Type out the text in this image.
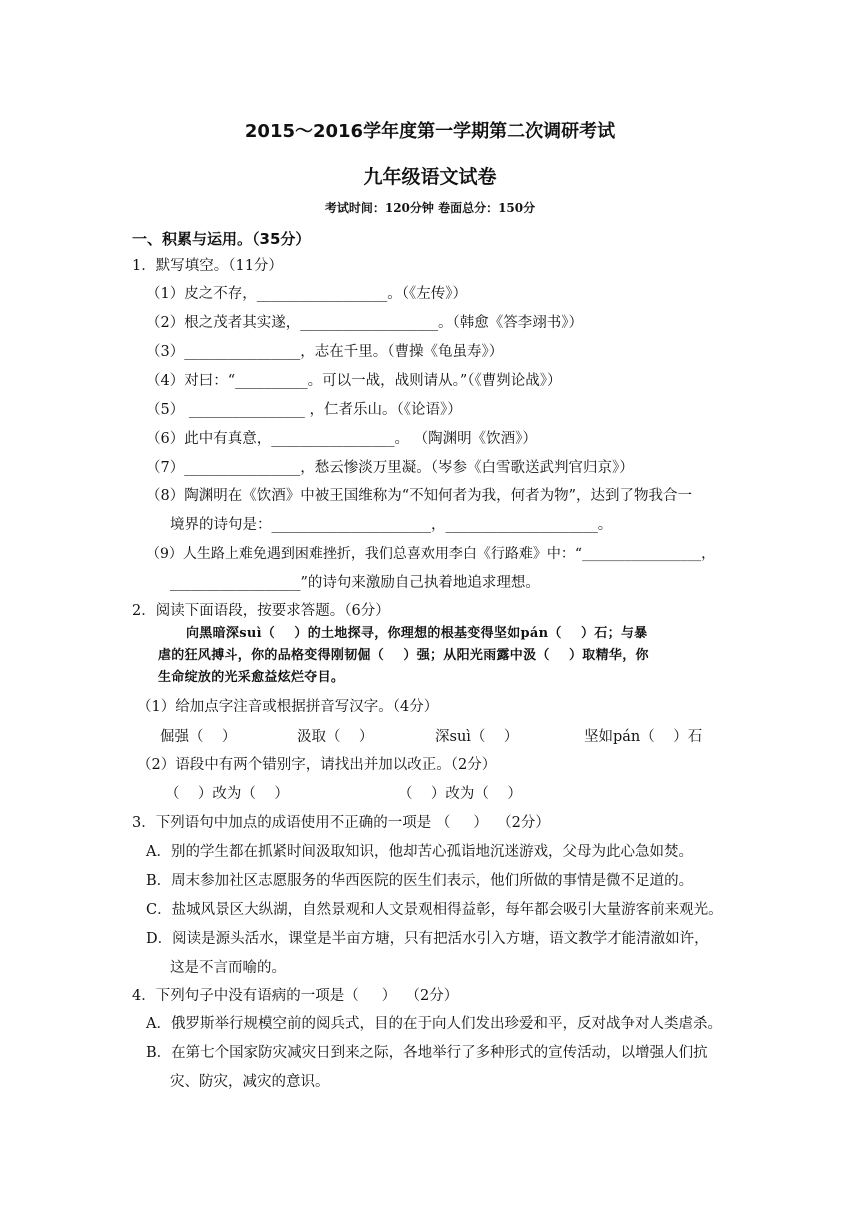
2015～2016学年度第一学期第二次调研考试
九年级语文试卷
考试时间：120分钟 卷面总分：150分
一、积累与运用。（35分）
1．默写填空。（11分）
（1）皮之不存，__________________。（《左传》）
（2）根之茂者其实遂，___________________。（韩愈《答李翊书》）
（3）________________，志在千里。（曹操《龟虽寿》）
（4）对曰：“__________。可以一战，战则请从。”（《曹刿论战》）
（5） ________________ ，仁者乐山。（《论语》）
（6）此中有真意，_________________。 （陶渊明《饮酒》）
（7）________________，愁云惨淡万里凝。（岑参《白雪歌送武判官归京》）
（8）陶渊明在《饮酒》中被王国维称为“不知何者为我，何者为物”，达到了物我合一
境界的诗句是：______________________，_____________________。
（9）人生路上难免遇到困难挫折，我们总喜欢用李白《行路难》中：“_________________，
__________________”的诗句来激励自己执着地追求理想。
2．阅读下面语段，按要求答题。（6分）
向黑暗深suì（    ）的土地探寻，你理想的根基变得坚如pán（    ）石；与暴
虐的狂风搏斗，你的品格变得刚韧倔（    ）强；从阳光雨露中汲（    ）取精华，你
生命绽放的光采愈益炫烂夺目。
（1）给加点字注音或根据拼音写汉字。（4分）
倔强（    ）	汲取（    ）	深suì（    ）	坚如pán（    ）石
（2）语段中有两个错别字，请找出并加以改正。（2分）
（    ）改为（    ）	（    ）改为（    ）
3．下列语句中加点的成语使用不正确的一项是 （     ）  （2分）
A．别的学生都在抓紧时间汲取知识，他却苦心孤诣地沉迷游戏，父母为此心急如焚。
B．周末参加社区志愿服务的华西医院的医生们表示，他们所做的事情是微不足道的。
C．盐城风景区大纵湖，自然景观和人文景观相得益彰，每年都会吸引大量游客前来观光。
D．阅读是源头活水，课堂是半亩方塘，只有把活水引入方塘，语文教学才能清澈如许，
这是不言而喻的。
4．下列句子中没有语病的一项是（     ）  （2分）
A．俄罗斯举行规模空前的阅兵式，目的在于向人们发出珍爱和平，反对战争对人类虐杀。
B．在第七个国家防灾减灾日到来之际，各地举行了多种形式的宣传活动，以增强人们抗
灾、防灾，减灾的意识。
